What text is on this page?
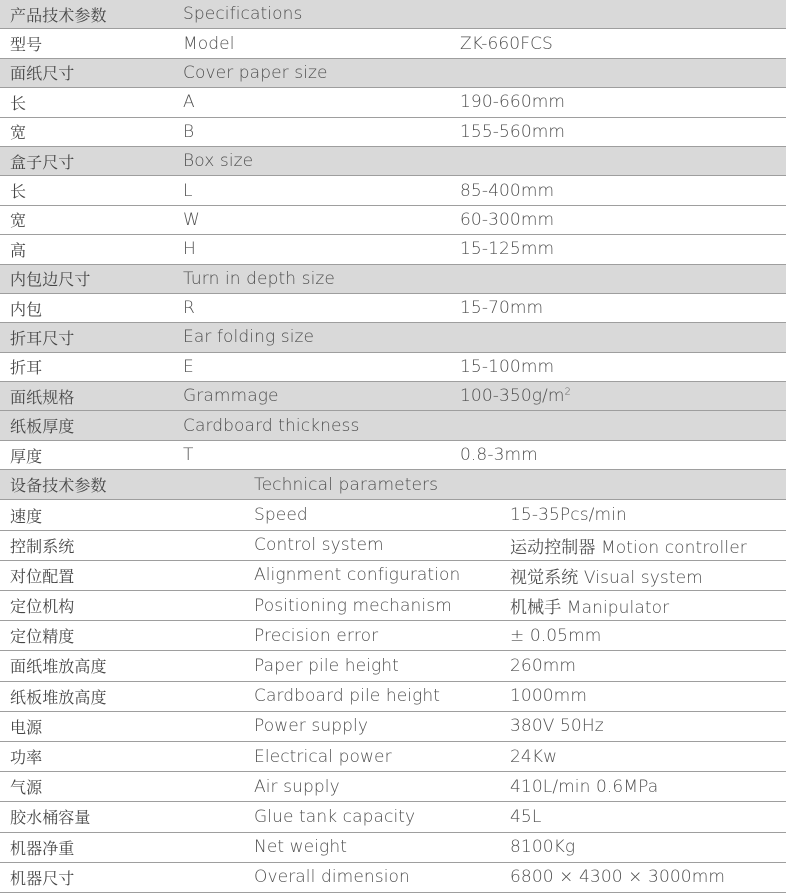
产品技术参数	Specifications	
型号	Model	ZK-660FCS
面纸尺寸	Cover paper size	
长	A	190-660mm
宽	B	155-560mm
盒子尺寸	Box size	
长	L	85-400mm
宽	W	60-300mm
高	H	15-125mm
内包边尺寸	Turn in depth size	
内包	R	15-70mm
折耳尺寸	Ear folding size	
折耳	E	15-100mm
面纸规格	Grammage	$100-350g/m^2$
纸板厚度	Cardboard thickness	
厚度	T	0.8-3mm
设备技术参数	Technical parameters	
速度	Speed	15-35Pcs/min
控制系统	Control system	运动控制器 Motion controller
对位配置	Alignment configuration	视觉系统 Visual system
定位机构	Positioning mechanism	机械手 Manipulator
定位精度	Precision error	± 0.05mm
面纸堆放高度	Paper pile height	260mm
纸板堆放高度	Cardboard pile height	1000mm
电源	Power supply	380V 50Hz
功率	Electrical power	24Kw
气源	Air supply	410L/min 0.6MPa
胶水桶容量	Glue tank capacity	45L
机器净重	Net weight	8100Kg
机器尺寸	Overall dimension	6800 × 4300 × 3000mm
